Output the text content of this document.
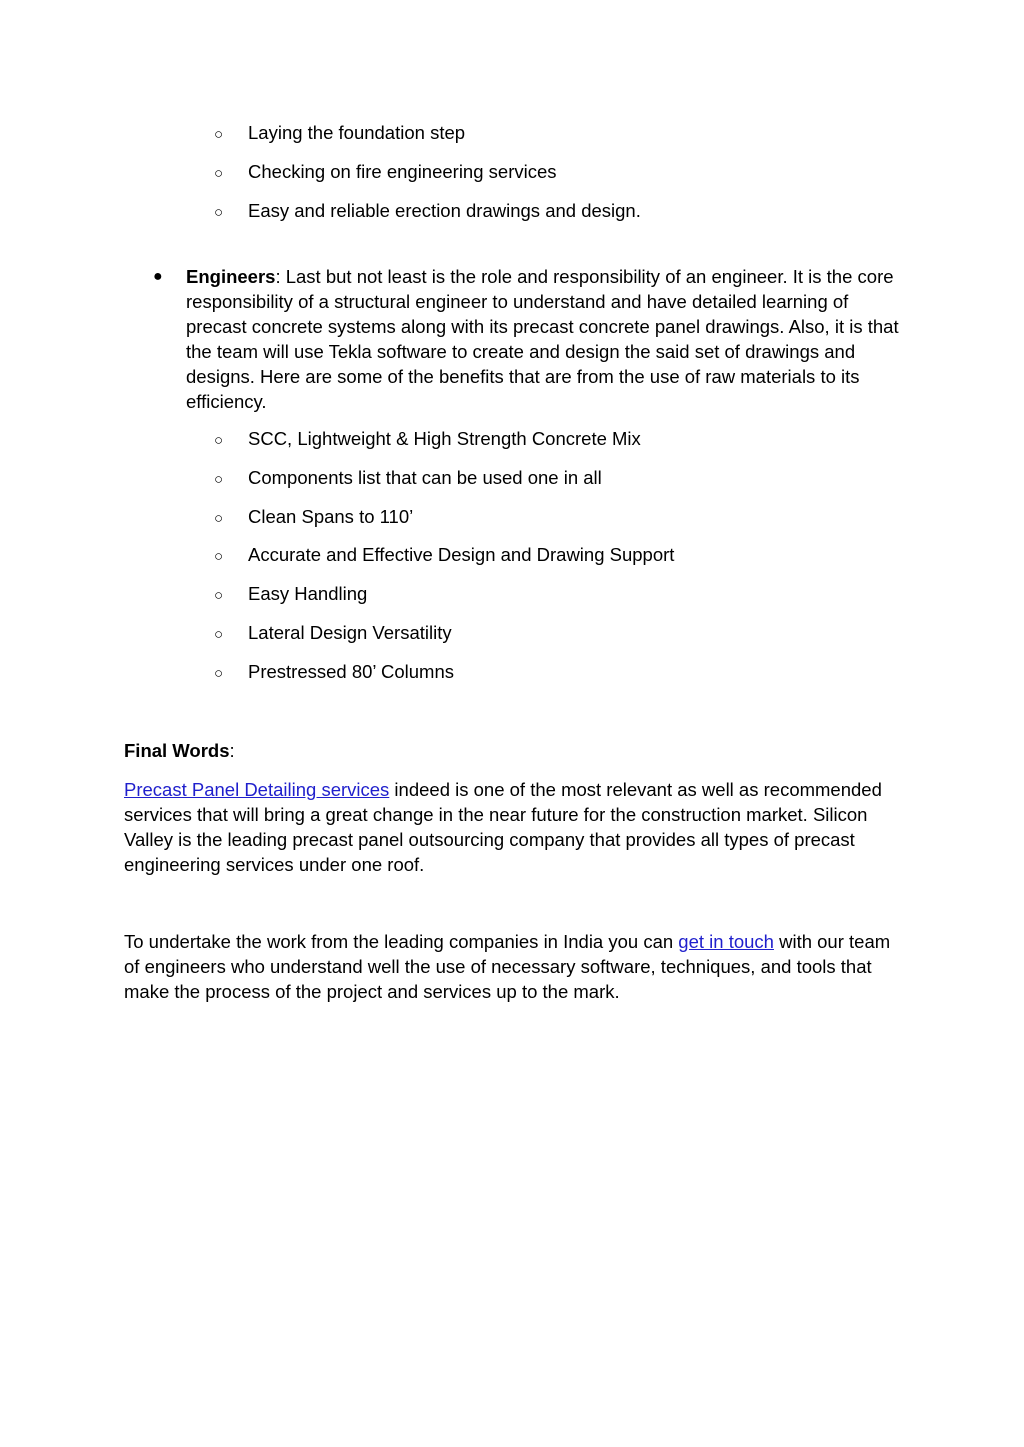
○	Laying the foundation step
○	Checking on fire engineering services
○	Easy and reliable erection drawings and design.
●	Engineers: Last but not least is the role and responsibility of an engineer. It is the core responsibility of a structural engineer to understand and have detailed learning of precast concrete systems along with its precast concrete panel drawings. Also, it is that the team will use Tekla software to create and design the said set of drawings and designs. Here are some of the benefits that are from the use of raw materials to its efficiency.
○	SCC, Lightweight & High Strength Concrete Mix
○	Components list that can be used one in all
○	Clean Spans to 110’
○	Accurate and Effective Design and Drawing Support
○	Easy Handling
○	Lateral Design Versatility
○	Prestressed 80’ Columns
Final Words:

Precast Panel Detailing services indeed is one of the most relevant as well as recommended services that will bring a great change in the near future for the construction market. Silicon Valley is the leading precast panel outsourcing company that provides all types of precast engineering services under one roof.

To undertake the work from the leading companies in India you can get in touch with our team of engineers who understand well the use of necessary software, techniques, and tools that make the process of the project and services up to the mark.
